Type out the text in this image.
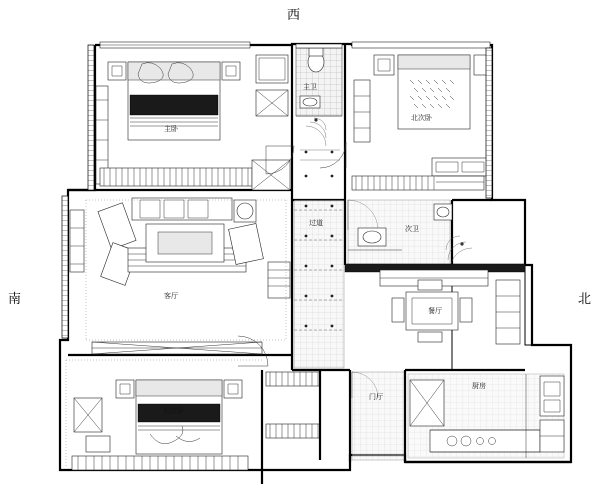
西
南	北
主卧
客厅
东次卧
北次卧
过道
次卫
主卫
餐厅
厨房
门厅
